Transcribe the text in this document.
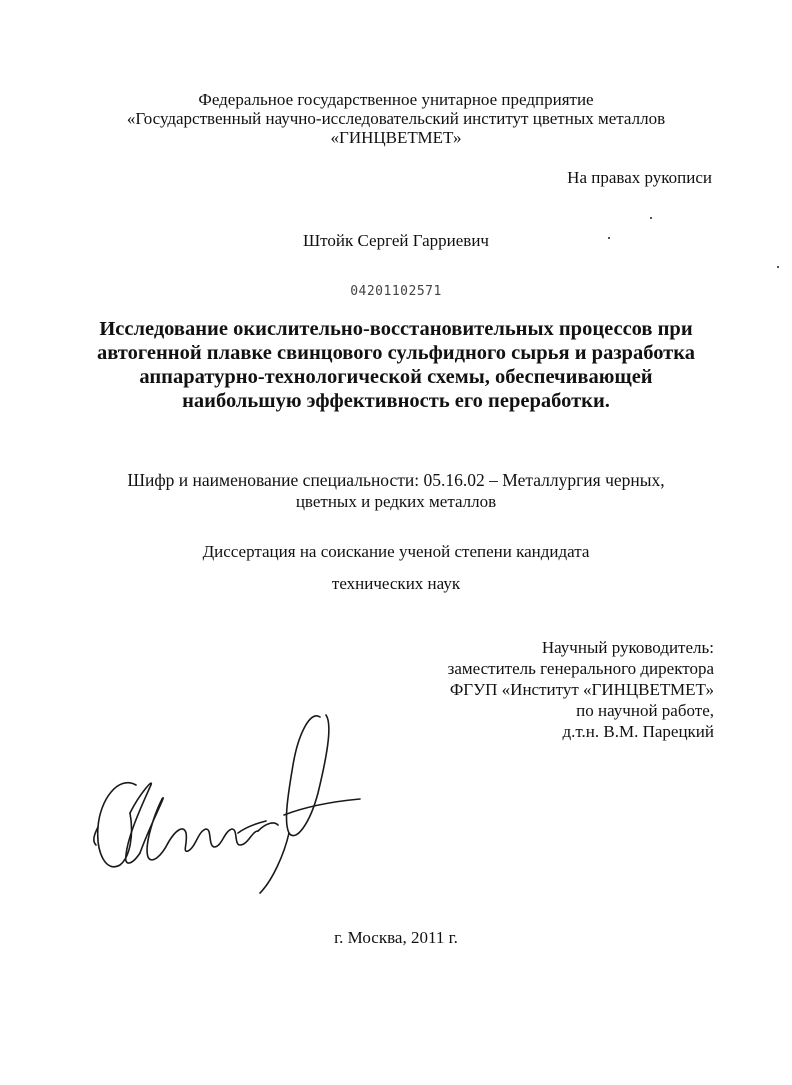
Федеральное государственное унитарное предприятие
«Государственный научно-исследовательский институт цветных металлов
«ГИНЦВЕТМЕТ»
На правах рукописи
Штойк Сергей Гарриевич
04201102571
Исследование окислительно-восстановительных процессов при
автогенной плавке свинцового сульфидного сырья и разработка
аппаратурно-технологической схемы, обеспечивающей
наибольшую эффективность его переработки.
Шифр и наименование специальности: 05.16.02 – Металлургия черных,
цветных и редких металлов
Диссертация на соискание ученой степени кандидата
технических наук
Научный руководитель:
заместитель генерального директора
ФГУП «Институт «ГИНЦВЕТМЕТ»
по научной работе,
д.т.н. В.М. Парецкий
г. Москва, 2011 г.
